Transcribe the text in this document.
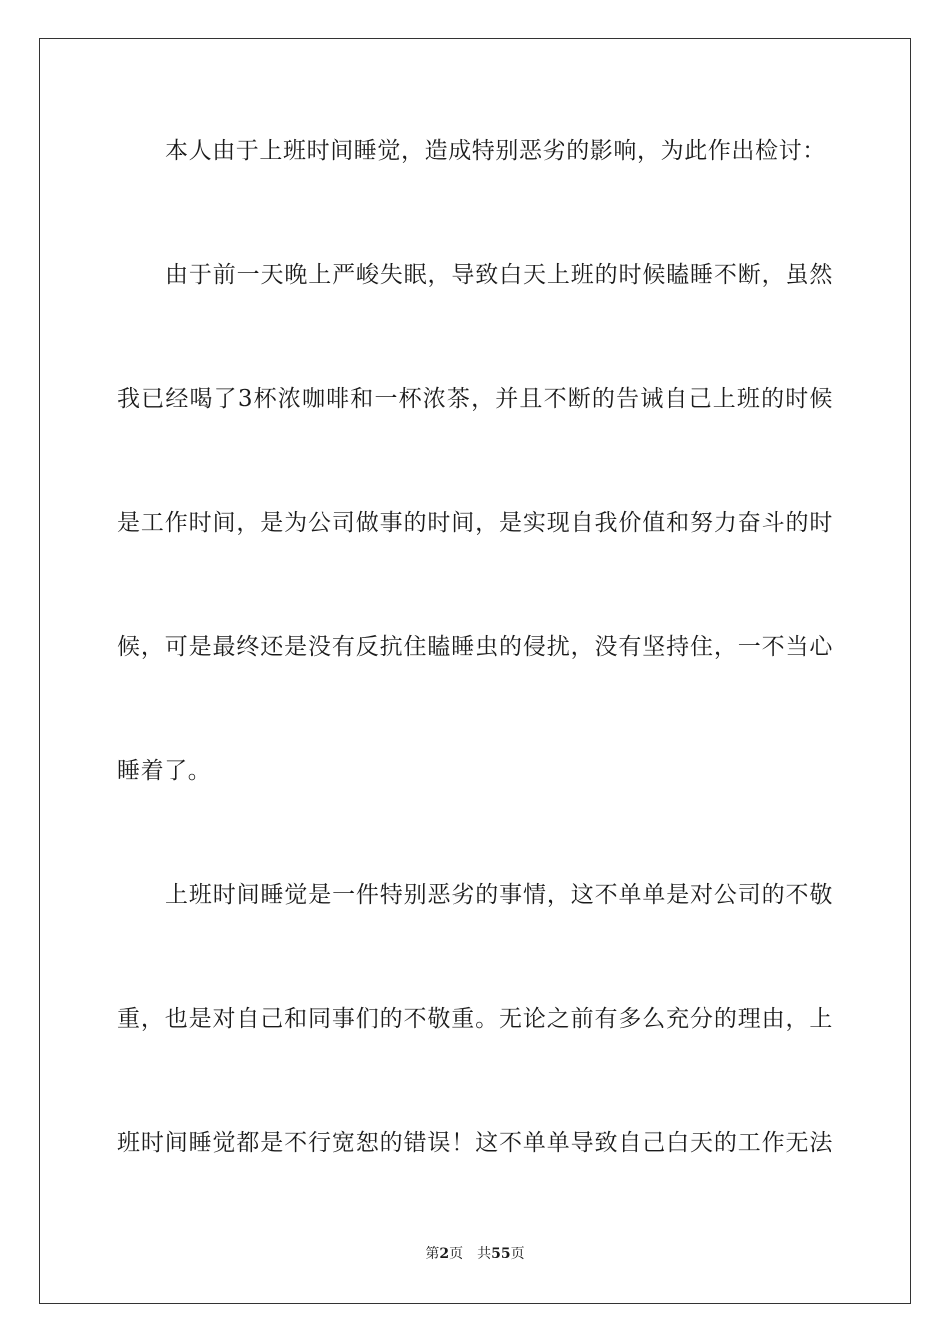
本人由于上班时间睡觉，造成特别恶劣的影响，为此作出检讨：
由于前一天晚上严峻失眠，导致白天上班的时候瞌睡不断，虽然
我已经喝了3杯浓咖啡和一杯浓茶，并且不断的告诫自己上班的时候
是工作时间，是为公司做事的时间，是实现自我价值和努力奋斗的时
候，可是最终还是没有反抗住瞌睡虫的侵扰，没有坚持住，一不当心
睡着了。
上班时间睡觉是一件特别恶劣的事情，这不单单是对公司的不敬
重，也是对自己和同事们的不敬重。无论之前有多么充分的理由，上
班时间睡觉都是不行宽恕的错误！这不单单导致自己白天的工作无法
第2页 共55页
